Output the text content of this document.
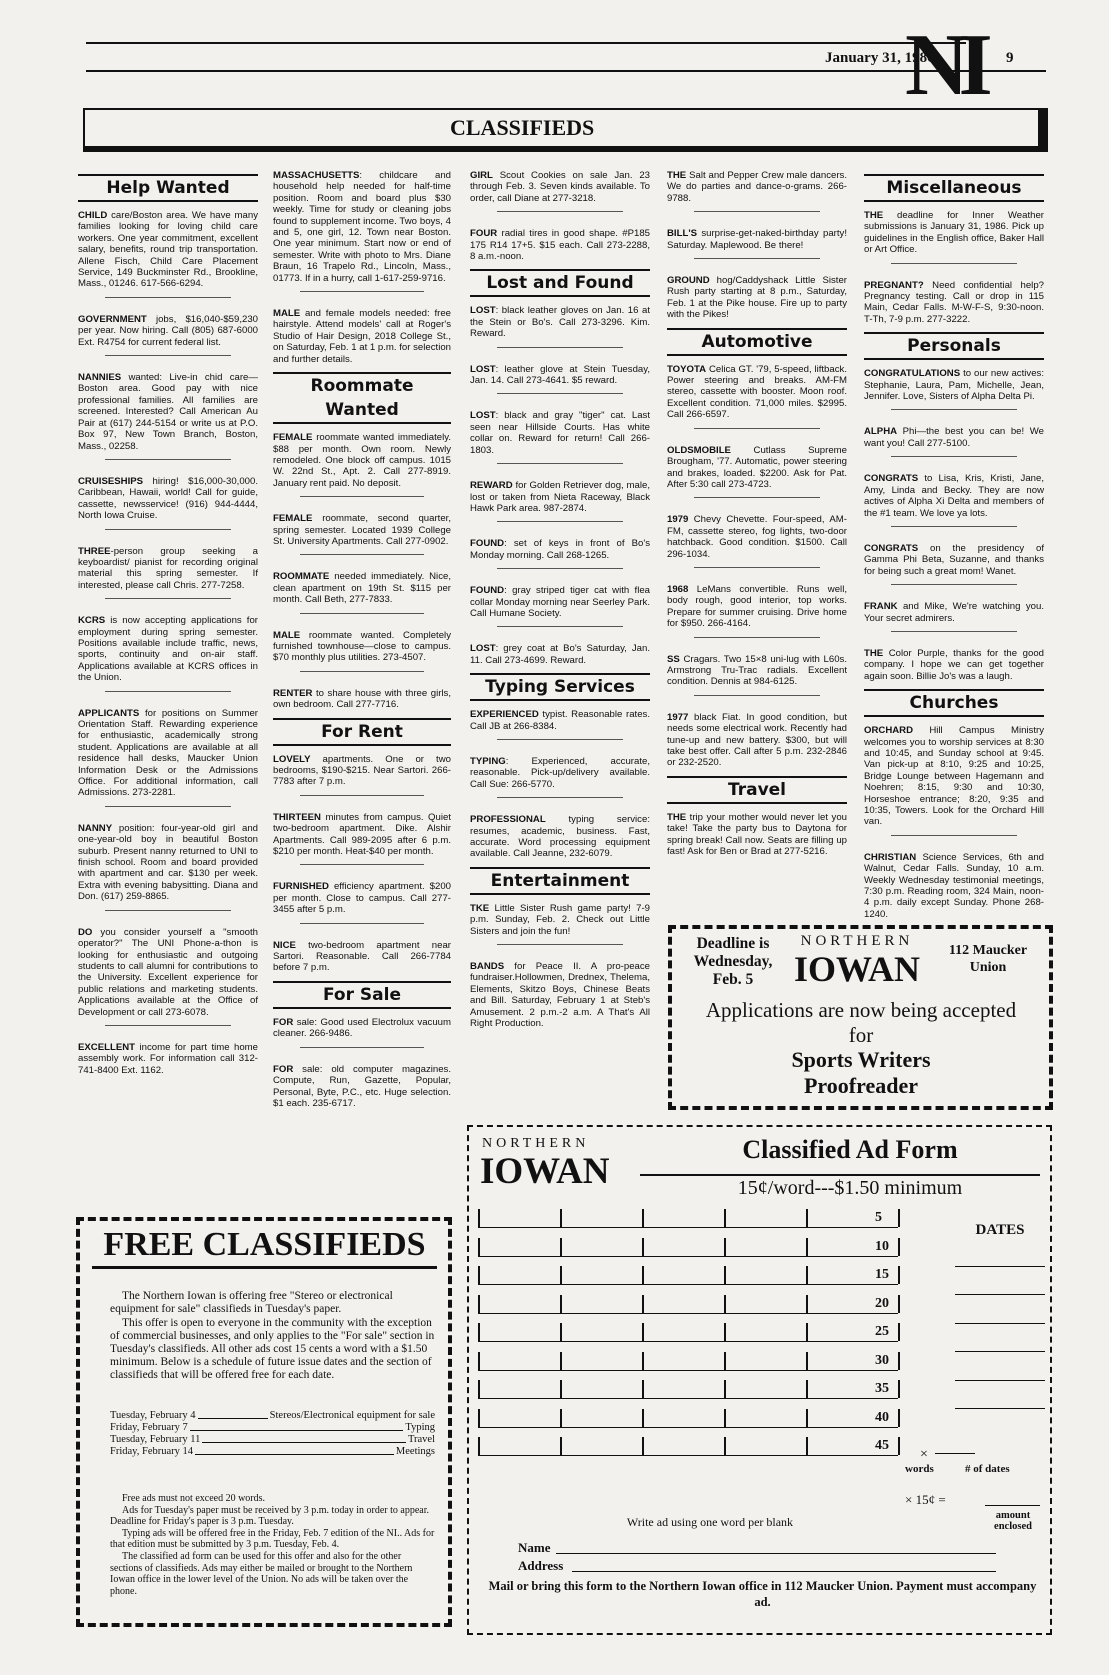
January 31, 1986
NI 9
CLASSIFIEDS
Help Wanted
CHILD care/Boston area. We have many families looking for loving child care workers. One year commitment, excellent salary, benefits, round trip transportation. Allene Fisch, Child Care Placement Service, 149 Buckminster Rd., Brookline, Mass., 01246. 617-566-6294.
GOVERNMENT jobs, $16,040-$59,230 per year. Now hiring. Call (805) 687-6000 Ext. R4754 for current federal list.
NANNIES wanted: Live-in chid care—Boston area. Good pay with nice professional families. All families are screened. Interested? Call American Au Pair at (617) 244-5154 or write us at P.O. Box 97, New Town Branch, Boston, Mass., 02258.
CRUISESHIPS hiring! $16,000-30,000. Caribbean, Hawaii, world! Call for guide, cassette, newsservice! (916) 944-4444, North Iowa Cruise.
THREE-person group seeking a keyboardist/ pianist for recording original material this spring semester. If interested, please call Chris. 277-7258.
KCRS is now accepting applications for employment during spring semester. Positions available include traffic, news, sports, continuity and on-air staff. Applications available at KCRS offices in the Union.
APPLICANTS for positions on Summer Orientation Staff. Rewarding experience for enthusiastic, academically strong student. Applications are available at all residence hall desks, Maucker Union Information Desk or the Admissions Office. For additional information, call Admissions. 273-2281.
NANNY position: four-year-old girl and one-year-old boy in beautiful Boston suburb. Present nanny returned to UNI to finish school. Room and board provided with apartment and car. $130 per week. Extra with evening babysitting. Diana and Don. (617) 259-8865.
DO you consider yourself a "smooth operator?" The UNI Phone-a-thon is looking for enthusiastic and outgoing students to call alumni for contributions to the University. Excellent experience for public relations and marketing students. Applications available at the Office of Development or call 273-6078.
EXCELLENT income for part time home assembly work. For information call 312-741-8400 Ext. 1162.
MASSACHUSETTS: childcare and household help needed for half-time position. Room and board plus $30 weekly. Time for study or cleaning jobs found to supplement income. Two boys, 4 and 5, one girl, 12. Town near Boston. One year minimum. Start now or end of semester. Write with photo to Mrs. Diane Braun, 16 Trapelo Rd., Lincoln, Mass., 01773. If in a hurry, call 1-617-259-9716.
MALE and female models needed: free hairstyle. Attend models' call at Roger's Studio of Hair Design, 2018 College St., on Saturday, Feb. 1 at 1 p.m. for selection and further details.
Roommate Wanted
FEMALE roommate wanted immediately. $88 per month. Own room. Newly remodeled. One block off campus. 1015 W. 22nd St., Apt. 2. Call 277-8919. January rent paid. No deposit.
FEMALE roommate, second quarter, spring semester. Located 1939 College St. University Apartments. Call 277-0902.
ROOMMATE needed immediately. Nice, clean apartment on 19th St. $115 per month. Call Beth, 277-7833.
MALE roommate wanted. Completely furnished townhouse—close to campus. $70 monthly plus utilities. 273-4507.
RENTER to share house with three girls, own bedroom. Call 277-7716.
For Rent
LOVELY apartments. One or two bedrooms, $190-$215. Near Sartori. 266-7783 after 7 p.m.
THIRTEEN minutes from campus. Quiet two-bedroom apartment. Dike. Alshir Apartments. Call 989-2095 after 6 p.m. $210 per month. Heat-$40 per month.
FURNISHED efficiency apartment. $200 per month. Close to campus. Call 277-3455 after 5 p.m.
NICE two-bedroom apartment near Sartori. Reasonable. Call 266-7784 before 7 p.m.
For Sale
FOR sale: Good used Electrolux vacuum cleaner. 266-9486.
FOR sale: old computer magazines. Compute, Run, Gazette, Popular, Personal, Byte, P.C., etc. Huge selection. $1 each. 235-6717.
GIRL Scout Cookies on sale Jan. 23 through Feb. 3. Seven kinds available. To order, call Diane at 277-3218.
FOUR radial tires in good shape. #P185 175 R14 17+5. $15 each. Call 273-2288, 8 a.m.-noon.
Lost and Found
LOST: black leather gloves on Jan. 16 at the Stein or Bo's. Call 273-3296. Kim. Reward.
LOST: leather glove at Stein Tuesday, Jan. 14. Call 273-4641. $5 reward.
LOST: black and gray "tiger" cat. Last seen near Hillside Courts. Has white collar on. Reward for return! Call 266-1803.
REWARD for Golden Retriever dog, male, lost or taken from Nieta Raceway, Black Hawk Park area. 987-2874.
FOUND: set of keys in front of Bo's Monday morning. Call 268-1265.
FOUND: gray striped tiger cat with flea collar Monday morning near Seerley Park. Call Humane Society.
LOST: grey coat at Bo's Saturday, Jan. 11. Call 273-4699. Reward.
Typing Services
EXPERIENCED typist. Reasonable rates. Call JB at 266-8384.
TYPING: Experienced, accurate, reasonable. Pick-up/delivery available. Call Sue: 266-5770.
PROFESSIONAL typing service: resumes, academic, business. Fast, accurate. Word processing equipment available. Call Jeanne, 232-6079.
Entertainment
TKE Little Sister Rush game party! 7-9 p.m. Sunday, Feb. 2. Check out Little Sisters and join the fun!
BANDS for Peace II. A pro-peace fundraiser.Hollowmen, Drednex, Thelema, Elements, Skitzo Boys, Chinese Beats and Bill. Saturday, February 1 at Steb's Amusement. 2 p.m.-2 a.m. A That's All Right Production.
THE Salt and Pepper Crew male dancers. We do parties and dance-o-grams. 266-9788.
BILL'S surprise-get-naked-birthday party! Saturday. Maplewood. Be there!
GROUND hog/Caddyshack Little Sister Rush party starting at 8 p.m., Saturday, Feb. 1 at the Pike house. Fire up to party with the Pikes!
Automotive
TOYOTA Celica GT. '79, 5-speed, liftback. Power steering and breaks. AM-FM stereo, cassette with booster. Moon roof. Excellent condition. 71,000 miles. $2995. Call 266-6597.
OLDSMOBILE Cutlass Supreme Brougham, '77. Automatic, power steering and brakes, loaded. $2200. Ask for Pat. After 5:30 call 273-4723.
1979 Chevy Chevette. Four-speed, AM-FM, cassette stereo, fog lights, two-door hatchback. Good condition. $1500. Call 296-1034.
1968 LeMans convertible. Runs well, body rough, good interior, top works. Prepare for summer cruising. Drive home for $950. 266-4164.
SS Cragars. Two 15×8 uni-lug with L60s. Armstrong Tru-Trac radials. Excellent condition. Dennis at 984-6125.
1977 black Fiat. In good condition, but needs some electrical work. Recently had tune-up and new battery. $300, but will take best offer. Call after 5 p.m. 232-2846 or 232-2520.
Travel
THE trip your mother would never let you take! Take the party bus to Daytona for spring break! Call now. Seats are filling up fast! Ask for Ben or Brad at 277-5216.
Miscellaneous
THE deadline for Inner Weather submissions is January 31, 1986. Pick up guidelines in the English office, Baker Hall or Art Office.
PREGNANT? Need confidential help? Pregnancy testing. Call or drop in 115 Main, Cedar Falls. M-W-F-S, 9:30-noon. T-Th, 7-9 p.m. 277-3222.
Personals
CONGRATULATIONS to our new actives: Stephanie, Laura, Pam, Michelle, Jean, Jennifer. Love, Sisters of Alpha Delta Pi.
ALPHA Phi—the best you can be! We want you! Call 277-5100.
CONGRATS to Lisa, Kris, Kristi, Jane, Amy, Linda and Becky. They are now actives of Alpha Xi Delta and members of the #1 team. We love ya lots.
CONGRATS on the presidency of Gamma Phi Beta, Suzanne, and thanks for being such a great mom! Wanet.
FRANK and Mike, We're watching you. Your secret admirers.
THE Color Purple, thanks for the good company. I hope we can get together again soon. Billie Jo's was a laugh.
Churches
ORCHARD Hill Campus Ministry welcomes you to worship services at 8:30 and 10:45, and Sunday school at 9:45. Van pick-up at 8:10, 9:25 and 10:25, Bridge Lounge between Hagemann and Noehren; 8:15, 9:30 and 10:30, Horseshoe entrance; 8:20, 9:35 and 10:35, Towers. Look for the Orchard Hill van.
CHRISTIAN Science Services, 6th and Walnut, Cedar Falls. Sunday, 10 a.m. Weekly Wednesday testimonial meetings, 7:30 p.m. Reading room, 324 Main, noon-4 p.m. daily except Sunday. Phone 268-1240.
Deadline is Wednesday, Feb. 5
NORTHERN
IOWAN	112 Maucker Union
Applications are now being accepted
for
Sports Writers
Proofreader
FREE CLASSIFIEDS

The Northern Iowan is offering free "Stereo or electronical equipment for sale" classifieds in Tuesday's paper.

This offer is open to everyone in the community with the exception of commercial businesses, and only applies to the "For sale" section in Tuesday's classifieds. All other ads cost 15 cents a word with a $1.50 minimum. Below is a schedule of future issue dates and the section of classifieds that will be offered free for each date.

Tuesday, February 4	Stereos/Electronical equipment for sale
Friday, February 7	Typing
Tuesday, February 11	Travel
Friday, February 14	Meetings

Free ads must not exceed 20 words.

Ads for Tuesday's paper must be received by 3 p.m. today in order to appear. Deadline for Friday's paper is 3 p.m. Tuesday.

Typing ads will be offered free in the Friday, Feb. 7 edition of the NI.. Ads for that edition must be submitted by 3 p.m. Tuesday, Feb. 4.

The classified ad form can be used for this offer and also for the other sections of classifieds. Ads may either be mailed or brought to the Northern Iowan office in the lower level of the Union. No ads will be taken over the phone.

NORTHERN
IOWAN
Classified Ad Form
15¢/word---$1.50 minimum
DATES
5
10
15
20
25
30
35
40
45
×
words	# of dates
× 15¢ =
amount enclosed
Write ad using one word per blank
Name
Address
Mail or bring this form to the Northern Iowan office in 112 Maucker Union. Payment must accompany ad.
